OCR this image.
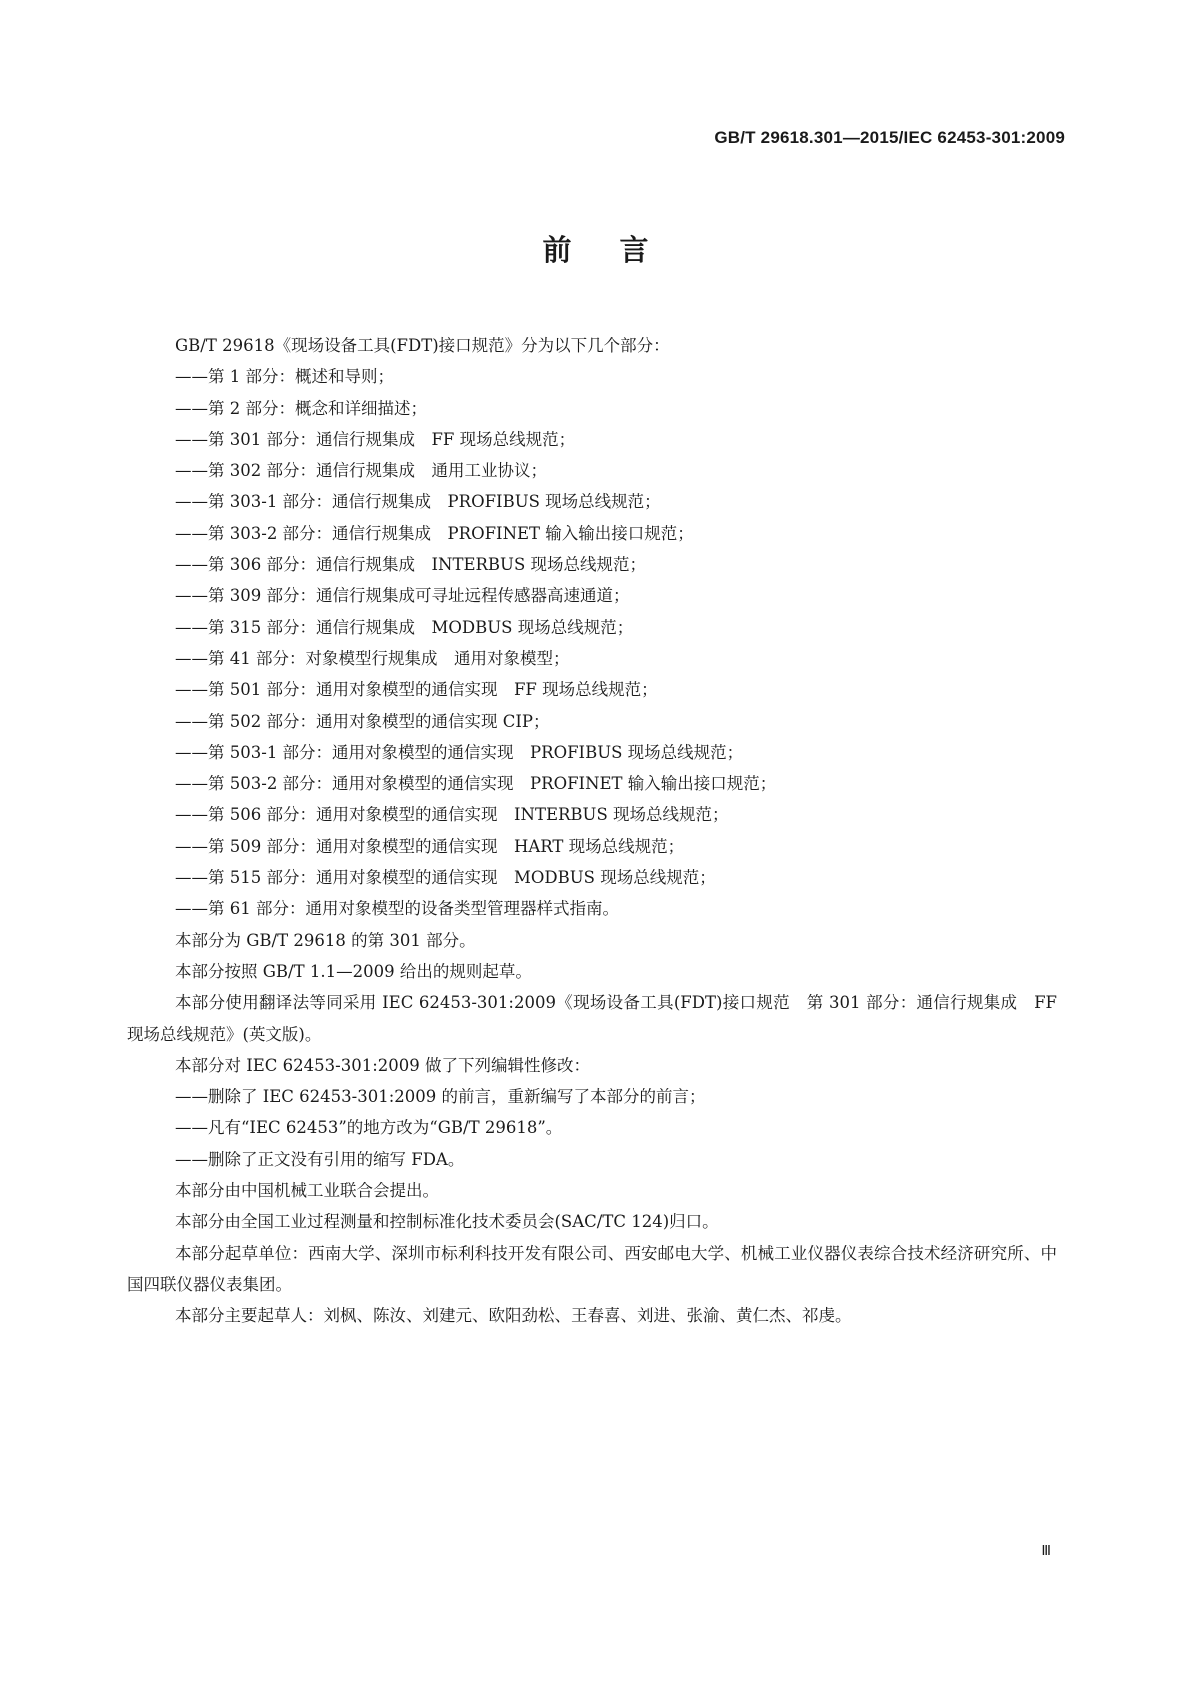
GB/T 29618.301—2015/IEC 62453-301:2009
前言

GB/T 29618《现场设备工具(FDT)接口规范》分为以下几个部分：

——第 1 部分：概述和导则；

——第 2 部分：概念和详细描述；

——第 301 部分：通信行规集成　FF 现场总线规范；

——第 302 部分：通信行规集成　通用工业协议；

——第 303-1 部分：通信行规集成　PROFIBUS 现场总线规范；

——第 303-2 部分：通信行规集成　PROFINET 输入输出接口规范；

——第 306 部分：通信行规集成　INTERBUS 现场总线规范；

——第 309 部分：通信行规集成可寻址远程传感器高速通道；

——第 315 部分：通信行规集成　MODBUS 现场总线规范；

——第 41 部分：对象模型行规集成　通用对象模型；

——第 501 部分：通用对象模型的通信实现　FF 现场总线规范；

——第 502 部分：通用对象模型的通信实现 CIP；

——第 503-1 部分：通用对象模型的通信实现　PROFIBUS 现场总线规范；

——第 503-2 部分：通用对象模型的通信实现　PROFINET 输入输出接口规范；

——第 506 部分：通用对象模型的通信实现　INTERBUS 现场总线规范；

——第 509 部分：通用对象模型的通信实现　HART 现场总线规范；

——第 515 部分：通用对象模型的通信实现　MODBUS 现场总线规范；

——第 61 部分：通用对象模型的设备类型管理器样式指南。

本部分为 GB/T 29618 的第 301 部分。

本部分按照 GB/T 1.1—2009 给出的规则起草。

本部分使用翻译法等同采用 IEC 62453-301:2009《现场设备工具(FDT)接口规范　第 301 部分：通信行规集成　FF 现场总线规范》(英文版)。

本部分对 IEC 62453-301:2009 做了下列编辑性修改：

——删除了 IEC 62453-301:2009 的前言，重新编写了本部分的前言；

——凡有“IEC 62453”的地方改为“GB/T 29618”。

——删除了正文没有引用的缩写 FDA。

本部分由中国机械工业联合会提出。

本部分由全国工业过程测量和控制标准化技术委员会(SAC/TC 124)归口。

本部分起草单位：西南大学、深圳市标利科技开发有限公司、西安邮电大学、机械工业仪器仪表综合技术经济研究所、中国四联仪器仪表集团。

本部分主要起草人：刘枫、陈汝、刘建元、欧阳劲松、王春喜、刘进、张渝、黄仁杰、祁虔。

Ⅲ
